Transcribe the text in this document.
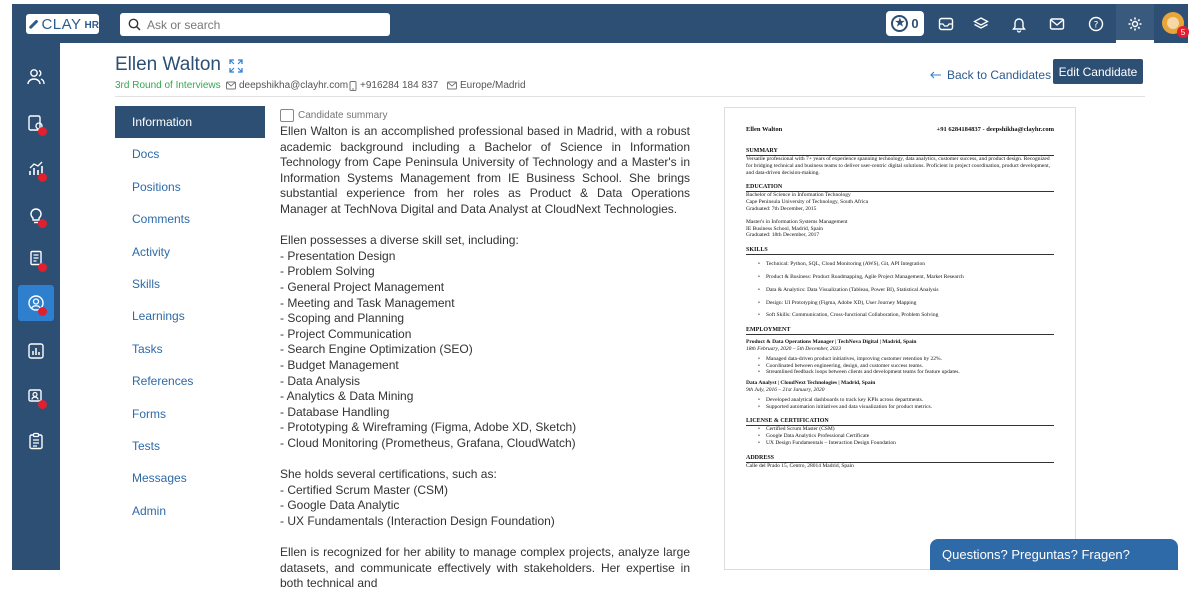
CLAY HR
Ask or search	★ 0	?
5
Ellen Walton
3rd Round of Interviews deepshikha@clayhr.com +916284 184 837 Europe/Madrid
Back to Candidates Edit Candidate
Information
Docs
Positions
Comments
Activity
Skills
Learnings
Tasks
References
Forms
Tests
Messages
Admin
Candidate summary
Ellen Walton is an accomplished professional based in Madrid, with a robust academic background including a Bachelor of Science in Information Technology from Cape Peninsula University of Technology and a Master's in Information Systems Management from IE Business School. She brings substantial experience from her roles as Product & Data Operations Manager at TechNova Digital and Data Analyst at CloudNext Technologies.
Ellen possesses a diverse skill set, including:
- Presentation Design
- Problem Solving
- General Project Management
- Meeting and Task Management
- Scoping and Planning
- Project Communication
- Search Engine Optimization (SEO)
- Budget Management
- Data Analysis
- Analytics & Data Mining
- Database Handling
- Prototyping & Wireframing (Figma, Adobe XD, Sketch)
- Cloud Monitoring (Prometheus, Grafana, CloudWatch)
She holds several certifications, such as:
- Certified Scrum Master (CSM)
- Google Data Analytic
- UX Fundamentals (Interaction Design Foundation)
Ellen is recognized for her ability to manage complex projects, analyze large datasets, and communicate effectively with stakeholders. Her expertise in both technical and
Ellen Walton	+91 6284184837 - deepshikha@clayhr.com
SUMMARY
Versatile professional with 7+ years of experience spanning technology, data analytics, customer success, and product design. Recognized for bridging technical and business teams to deliver user-centric digital solutions. Proficient in project coordination, product development, and data-driven decision-making.
EDUCATION
Bachelor of Science in Information Technology
Cape Peninsula University of Technology, South Africa
Graduated: 7th December, 2015
Master's in Information Systems Management
IE Business School, Madrid, Spain
Graduated: 18th December, 2017
SKILLS
• Technical: Python, SQL, Cloud Monitoring (AWS), Git, API Integration
• Product & Business: Product Roadmapping, Agile Project Management, Market Research
• Data & Analytics: Data Visualization (Tableau, Power BI), Statistical Analysis
• Design: UI Prototyping (Figma, Adobe XD), User Journey Mapping
• Soft Skills: Communication, Cross-functional Collaboration, Problem Solving
EMPLOYMENT
Product & Data Operations Manager | TechNova Digital | Madrid, Spain
18th February, 2020 – 5th December, 2023
• Managed data-driven product initiatives, improving customer retention by 22%.
• Coordinated between engineering, design, and customer success teams.
• Streamlined feedback loops between clients and development teams for feature updates.
Data Analyst | CloudNext Technologies | Madrid, Spain
9th July, 2016 – 21st January, 2020
• Developed analytical dashboards to track key KPIs across departments.
• Supported automation initiatives and data visualization for product metrics.
LICENSE & CERTIFICATION
• Certified Scrum Master (CSM)
• Google Data Analytics Professional Certificate
• UX Design Fundamentals – Interaction Design Foundation
ADDRESS
Calle del Prado 15, Centro, 28014 Madrid, Spain
Questions? Preguntas? Fragen?
